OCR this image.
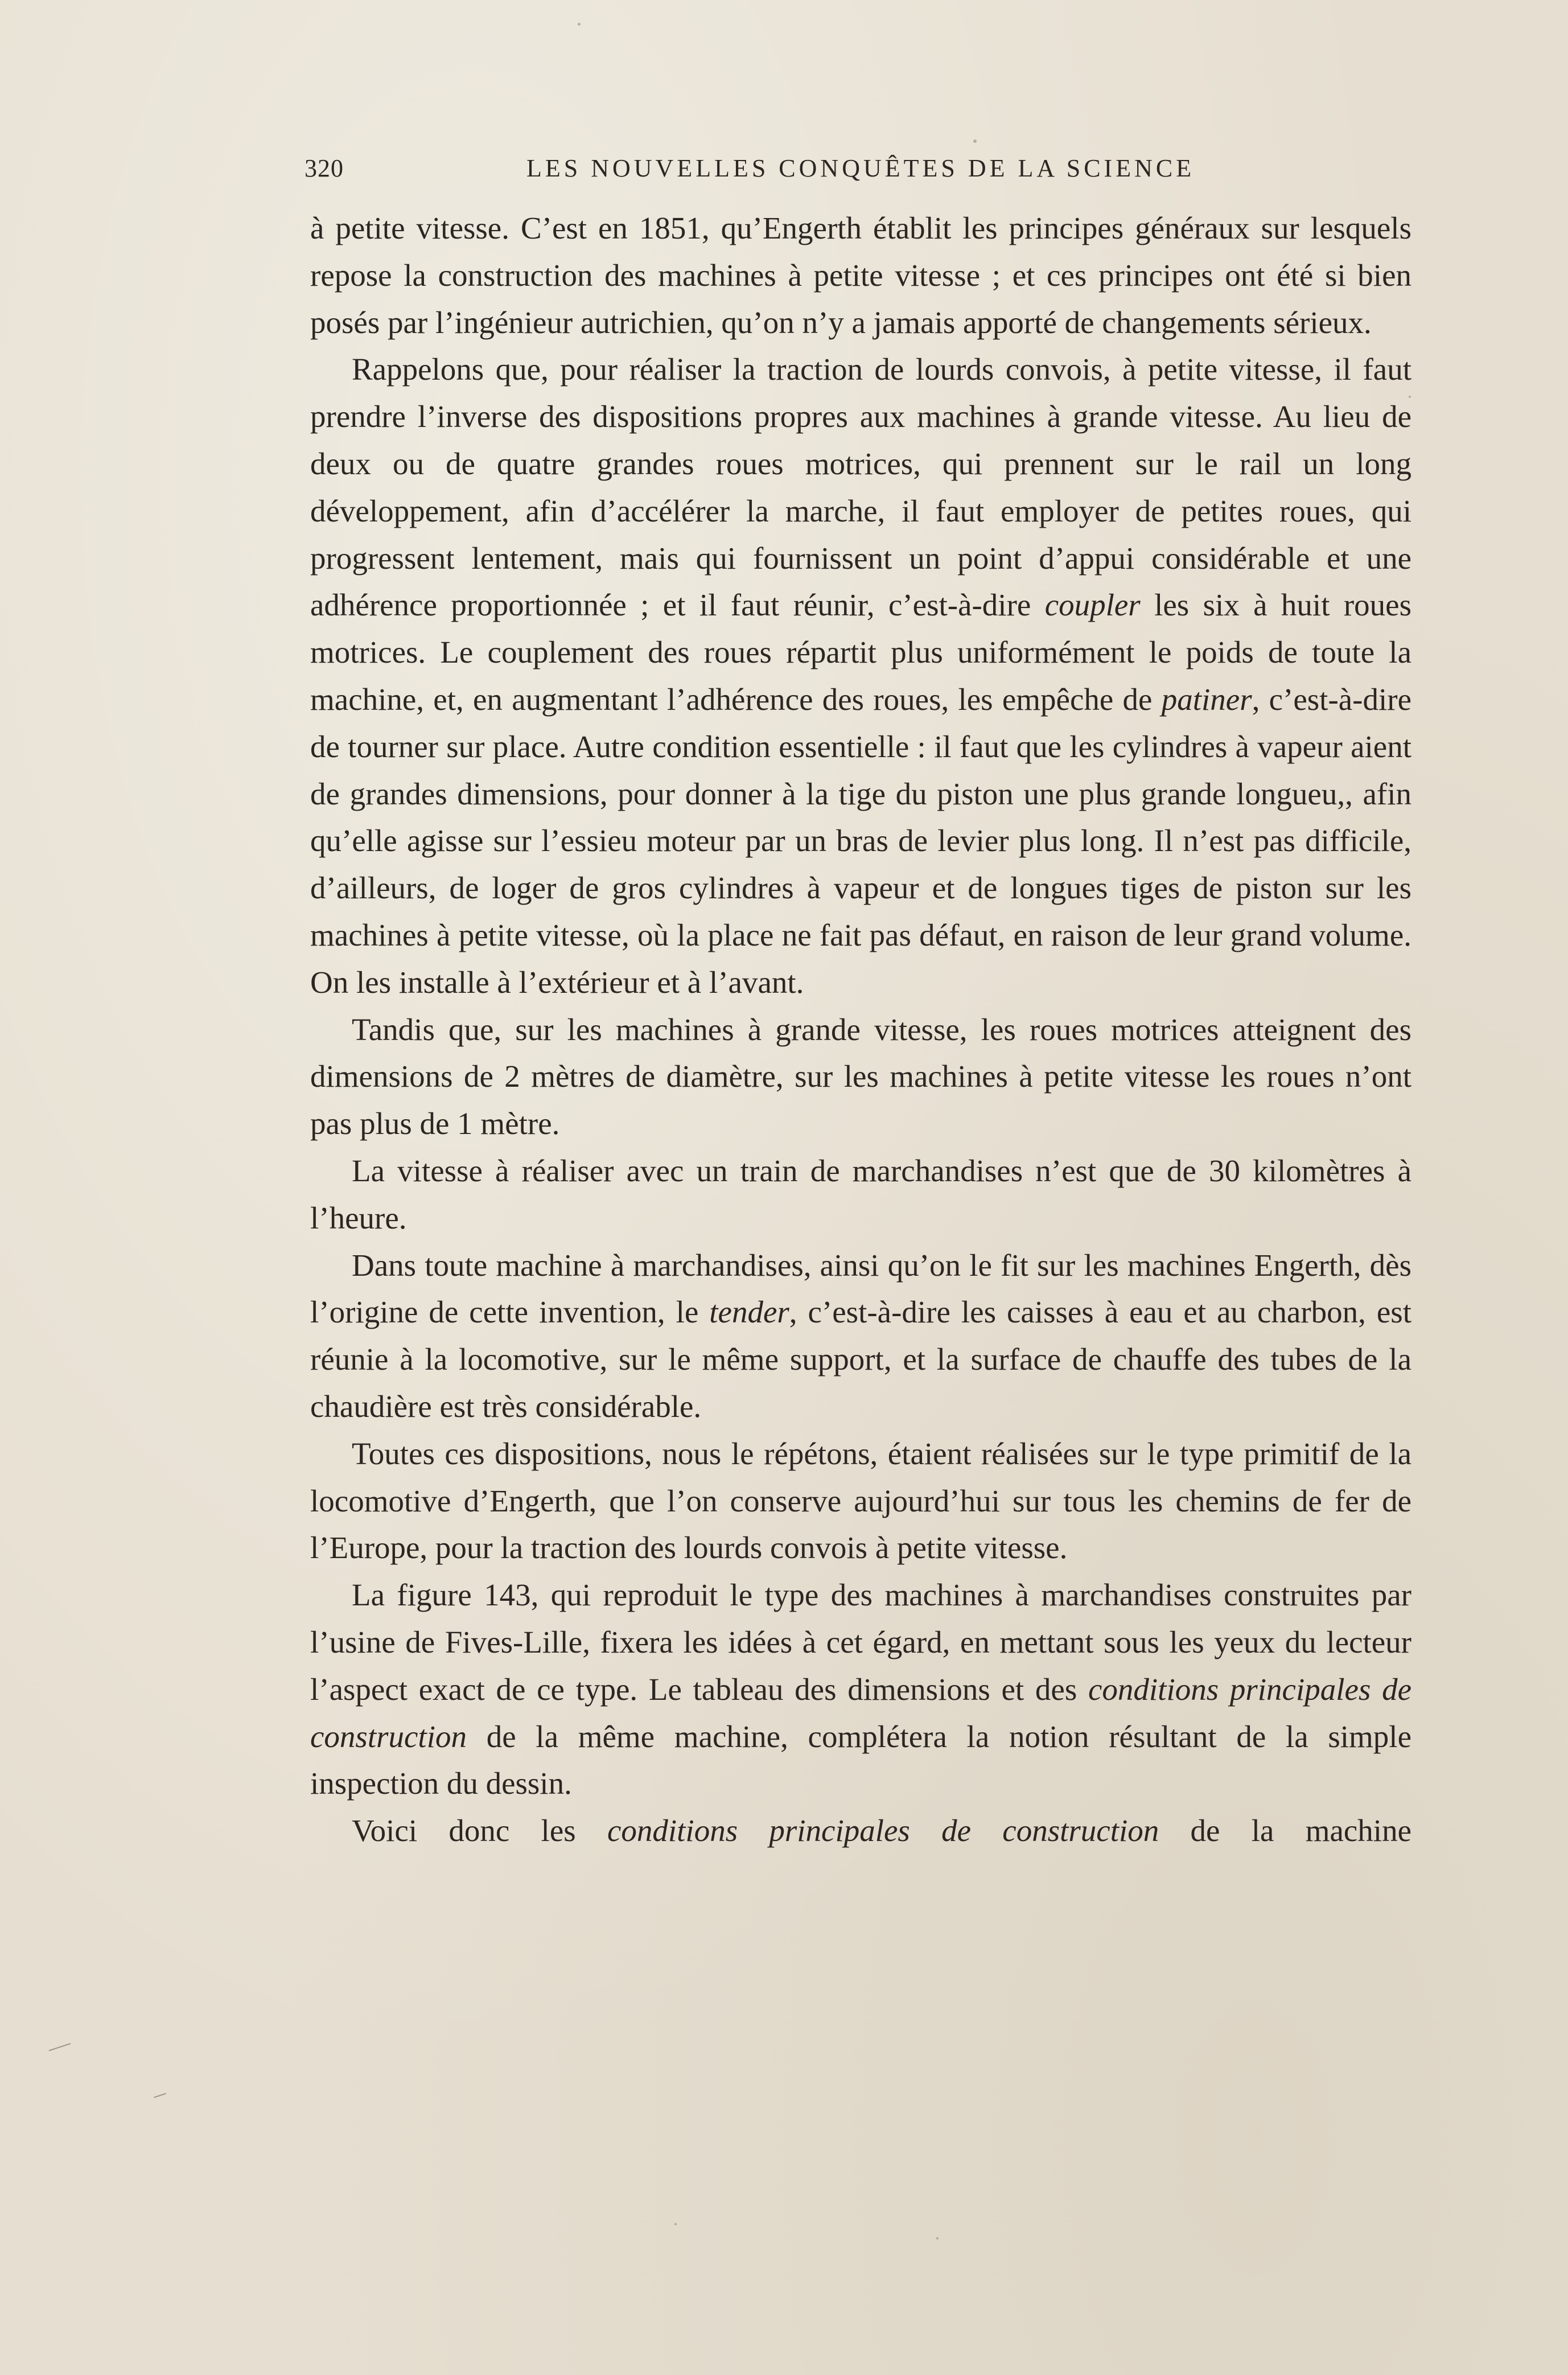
320	LES NOUVELLES CONQUÊTES DE LA SCIENCE

à petite vitesse. C’est en 1851, qu’Engerth établit les principes généraux sur lesquels repose la construction des machines à petite vitesse ; et ces principes ont été si bien posés par l’ingénieur autrichien, qu’on n’y a jamais apporté de changements sérieux.

Rappelons que, pour réaliser la traction de lourds convois, à petite vitesse, il faut prendre l’inverse des dispositions propres aux machines à grande vitesse. Au lieu de deux ou de quatre grandes roues motrices, qui prennent sur le rail un long développement, afin d’accélérer la marche, il faut employer de petites roues, qui progressent lentement, mais qui fournissent un point d’appui considérable et une adhérence proportionnée ; et il faut réunir, c’est-à-dire coupler les six à huit roues motrices. Le couplement des roues répartit plus uniformément le poids de toute la machine, et, en augmentant l’adhérence des roues, les empêche de patiner, c’est-à-dire de tourner sur place. Autre condition essentielle : il faut que les cylindres à vapeur aient de grandes dimensions, pour donner à la tige du piston une plus grande longueu,, afin qu’elle agisse sur l’essieu moteur par un bras de levier plus long. Il n’est pas difficile, d’ailleurs, de loger de gros cylindres à vapeur et de longues tiges de piston sur les machines à petite vitesse, où la place ne fait pas défaut, en raison de leur grand volume. On les installe à l’extérieur et à l’avant.

Tandis que, sur les machines à grande vitesse, les roues motrices atteignent des dimensions de 2 mètres de diamètre, sur les machines à petite vitesse les roues n’ont pas plus de 1 mètre.

La vitesse à réaliser avec un train de marchandises n’est que de 30 kilomètres à l’heure.

Dans toute machine à marchandises, ainsi qu’on le fit sur les machines Engerth, dès l’origine de cette invention, le tender, c’est-à-dire les caisses à eau et au charbon, est réunie à la locomotive, sur le même support, et la surface de chauffe des tubes de la chaudière est très considérable.

Toutes ces dispositions, nous le répétons, étaient réalisées sur le type primitif de la locomotive d’Engerth, que l’on conserve aujourd’hui sur tous les chemins de fer de l’Europe, pour la traction des lourds convois à petite vitesse.

La figure 143, qui reproduit le type des machines à marchandises construites par l’usine de Fives-Lille, fixera les idées à cet égard, en mettant sous les yeux du lecteur l’aspect exact de ce type. Le tableau des dimensions et des conditions principales de construction de la même machine, complétera la notion résultant de la simple inspection du dessin.

Voici donc les conditions principales de construction de la machine
